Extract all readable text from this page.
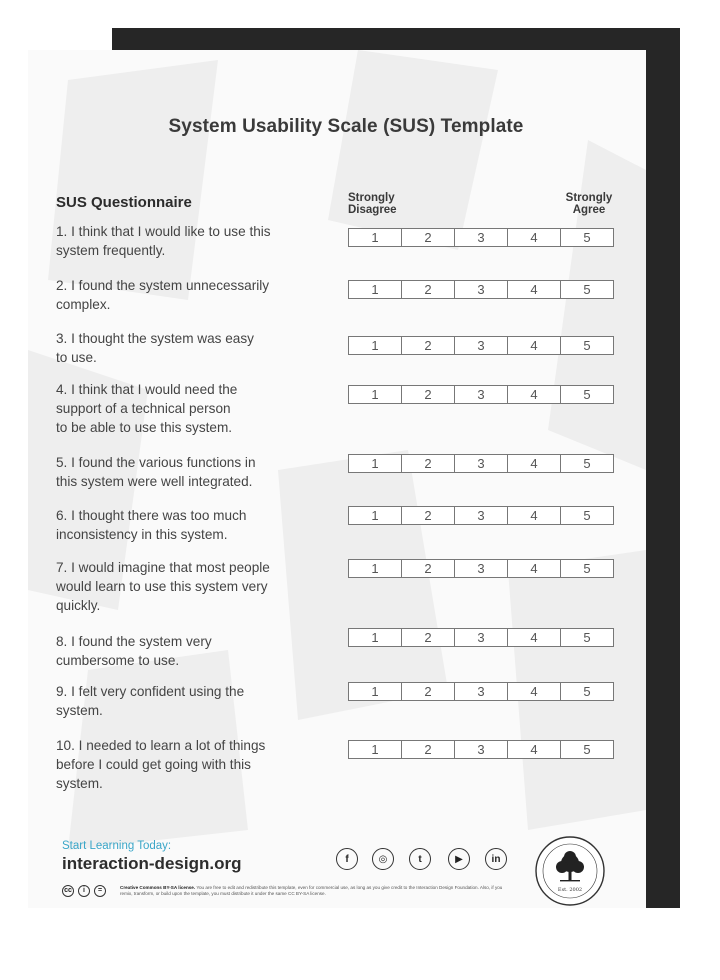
System Usability Scale (SUS) Template
SUS Questionnaire	Strongly
Disagree
Strongly
Agree
1. I think that I would like to use this
system frequently.
1	2	3	4	5
2. I found the system unnecessarily
complex.
1	2	3	4	5
3. I thought the system was easy
to use.
1	2	3	4	5
4. I think that I would need the
support of a technical person
to be able to use this system.
1	2	3	4	5
5. I found the various functions in
this system were well integrated.
1	2	3	4	5
6. I thought there was too much
inconsistency in this system.
1	2	3	4	5
7. I would imagine that most people
would learn to use this system very
quickly.
1	2	3	4	5
8. I found the system very
cumbersome to use.
1	2	3	4	5
9. I felt very confident using the
system.
1	2	3	4	5
10. I needed to learn a lot of things
before I could get going with this
system.
1	2	3	4	5
Start Learning Today:
interaction-design.org	f	◎	t	▶	in
cc	i	=	Creative Commons BY-SA license. You are free to edit and redistribute this template, even for commercial use, as long as you give credit to the Interaction Design Foundation. Also, if you remix, transform, or build upon the template, you must distribute it under the same CC BY-SA license.
Est. 2002
